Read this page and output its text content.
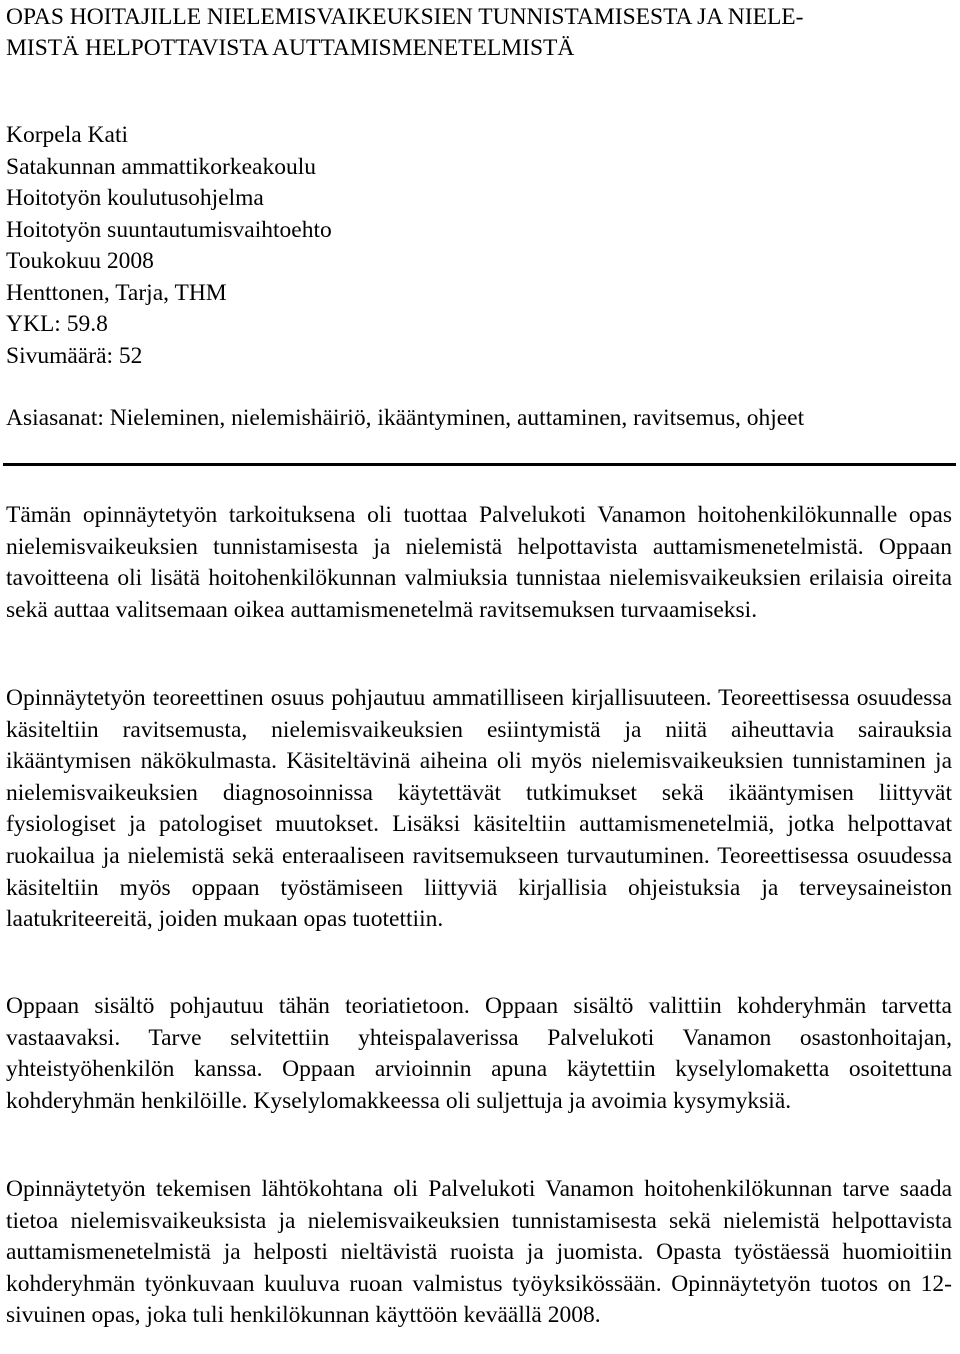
OPAS HOITAJILLE NIELEMISVAIKEUKSIEN TUNNISTAMISESTA JA NIELE-
MISTÄ HELPOTTAVISTA AUTTAMISMENETELMISTÄ
Korpela Kati
Satakunnan ammattikorkeakoulu
Hoitotyön koulutusohjelma
Hoitotyön suuntautumisvaihtoehto
Toukokuu 2008
Henttonen, Tarja, THM
YKL: 59.8
Sivumäärä: 52

Asiasanat: Nieleminen, nielemishäiriö, ikääntyminen, auttaminen, ravitsemus, ohjeet

Tämän opinnäytetyön tarkoituksena oli tuottaa Palvelukoti Vanamon hoitohenkilökunnalle opas nielemisvaikeuksien tunnistamisesta ja nielemistä helpottavista auttamismenetelmistä. Oppaan tavoitteena oli lisätä hoitohenkilökunnan valmiuksia tunnistaa nielemisvaikeuksien erilaisia oireita sekä auttaa valitsemaan oikea auttamismenetelmä ravitsemuksen turvaamiseksi.

Opinnäytetyön teoreettinen osuus pohjautuu ammatilliseen kirjallisuuteen. Teoreettisessa osuudessa käsiteltiin ravitsemusta, nielemisvaikeuksien esiintymistä ja niitä aiheuttavia sairauksia ikääntymisen näkökulmasta. Käsiteltävinä aiheina oli myös nielemisvaikeuksien tunnistaminen ja nielemisvaikeuksien diagnosoinnissa käytettävät tutkimukset sekä ikääntymisen liittyvät fysiologiset ja patologiset muutokset. Lisäksi käsiteltiin auttamismenetelmiä, jotka helpottavat ruokailua ja nielemistä sekä enteraaliseen ravitsemukseen turvautuminen. Teoreettisessa osuudessa käsiteltiin myös oppaan työstämiseen liittyviä kirjallisia ohjeistuksia ja terveysaineiston laatukriteereitä, joiden mukaan opas tuotettiin.

Oppaan sisältö pohjautuu tähän teoriatietoon. Oppaan sisältö valittiin kohderyhmän tarvetta vastaavaksi. Tarve selvitettiin yhteispalaverissa Palvelukoti Vanamon osastonhoitajan, yhteistyöhenkilön kanssa. Oppaan arvioinnin apuna käytettiin kyselylomaketta osoitettuna kohderyhmän henkilöille. Kyselylomakkeessa oli suljettuja ja avoimia kysymyksiä.

Opinnäytetyön tekemisen lähtökohtana oli Palvelukoti Vanamon hoitohenkilökunnan tarve saada tietoa nielemisvaikeuksista ja nielemisvaikeuksien tunnistamisesta sekä nielemistä helpottavista auttamismenetelmistä ja helposti nieltävistä ruoista ja juomista. Opasta työstäessä huomioitiin kohderyhmän työnkuvaan kuuluva ruoan valmistus työyksikössään. Opinnäytetyön tuotos on 12-sivuinen opas, joka tuli henkilökunnan käyttöön keväällä 2008.
